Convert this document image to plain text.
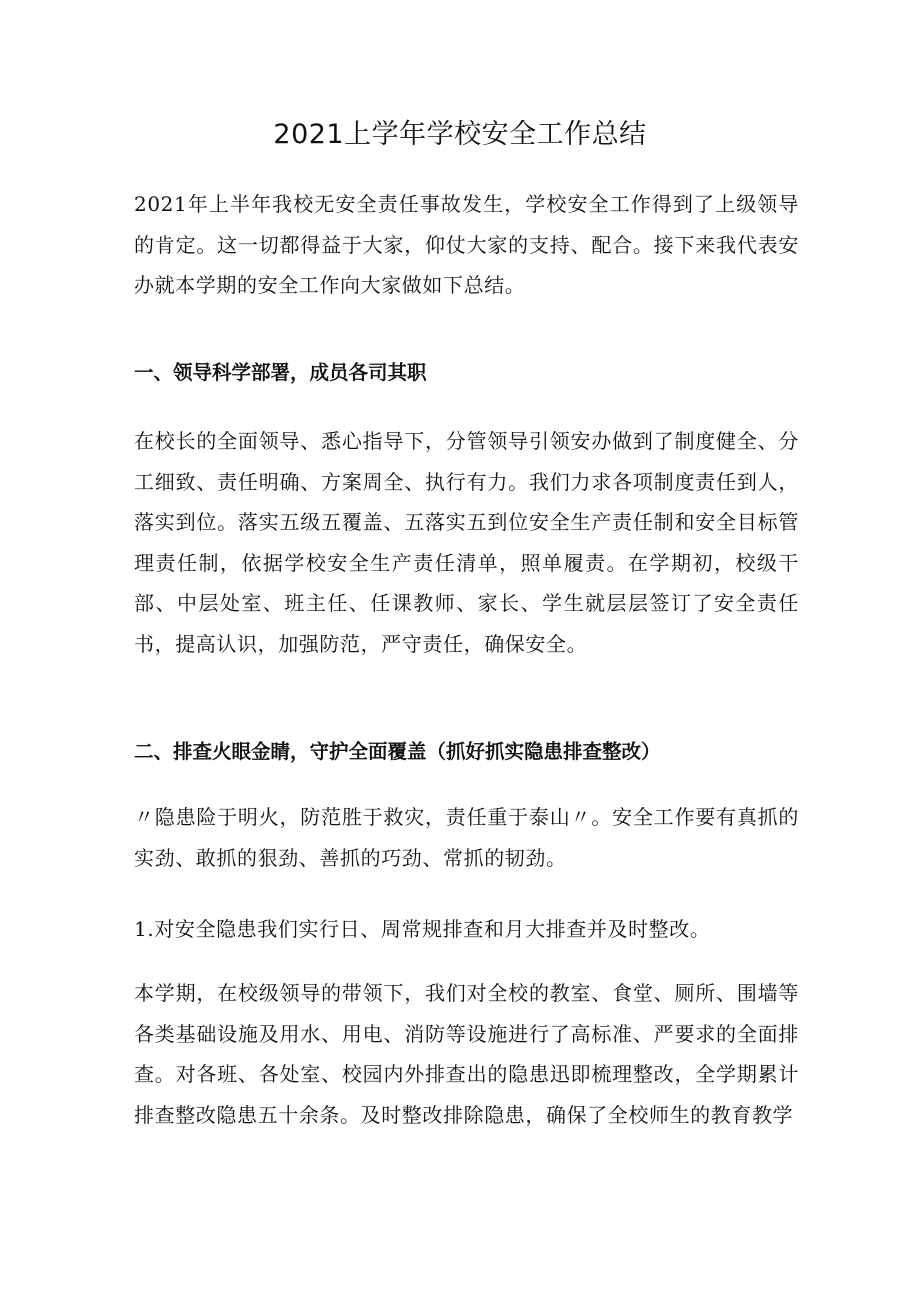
2021上学年学校安全工作总结

2021年上半年我校无安全责任事故发生，学校安全工作得到了上级领导的肯定。这一切都得益于大家，仰仗大家的支持、配合。接下来我代表安办就本学期的安全工作向大家做如下总结。

一、领导科学部署，成员各司其职

在校长的全面领导、悉心指导下，分管领导引领安办做到了制度健全、分工细致、责任明确、方案周全、执行有力。我们力求各项制度责任到人，落实到位。落实五级五覆盖、五落实五到位安全生产责任制和安全目标管理责任制，依据学校安全生产责任清单，照单履责。在学期初，校级干部、中层处室、班主任、任课教师、家长、学生就层层签订了安全责任书，提高认识，加强防范，严守责任，确保安全。

二、排查火眼金睛，守护全面覆盖（抓好抓实隐患排查整改）

〃隐患险于明火，防范胜于救灾，责任重于泰山〃。安全工作要有真抓的实劲、敢抓的狠劲、善抓的巧劲、常抓的韧劲。

1.对安全隐患我们实行日、周常规排查和月大排查并及时整改。

本学期，在校级领导的带领下，我们对全校的教室、食堂、厕所、围墙等各类基础设施及用水、用电、消防等设施进行了高标准、严要求的全面排查。对各班、各处室、校园内外排查出的隐患迅即梳理整改，全学期累计排查整改隐患五十余条。及时整改排除隐患，确保了全校师生的教育教学
